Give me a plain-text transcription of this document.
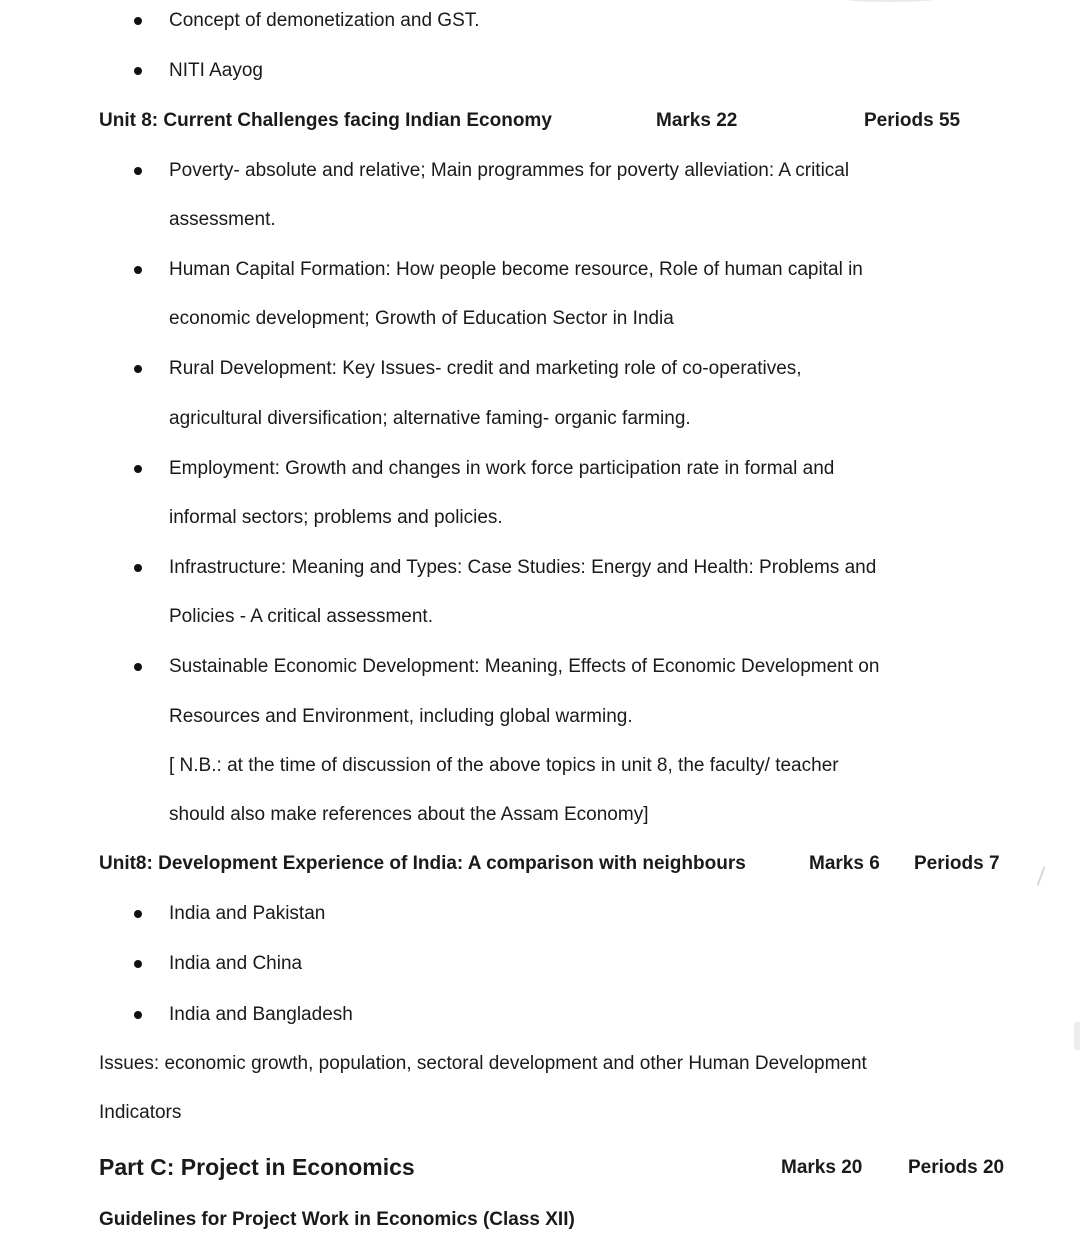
Concept of demonetization and GST.
NITI Aayog
Unit 8: Current Challenges facing Indian Economy	Marks 22	Periods 55
Poverty- absolute and relative; Main programmes for poverty alleviation: A critical
assessment.
Human Capital Formation: How people become resource, Role of human capital in
economic development; Growth of Education Sector in India
Rural Development: Key Issues- credit and marketing role of co-operatives,
agricultural diversification; alternative faming- organic farming.
Employment: Growth and changes in work force participation rate in formal and
informal sectors; problems and policies.
Infrastructure: Meaning and Types: Case Studies: Energy and Health: Problems and
Policies - A critical assessment.
Sustainable Economic Development: Meaning, Effects of Economic Development on
Resources and Environment, including global warming.
[ N.B.: at the time of discussion of the above topics in unit 8, the faculty/ teacher
should also make references about the Assam Economy]
Unit8: Development Experience of India: A comparison with neighbours	Marks 6 Periods 7
India and Pakistan
India and China
India and Bangladesh
Issues: economic growth, population, sectoral development and other Human Development
Indicators
Part C: Project in Economics	Marks 20 Periods 20
Guidelines for Project Work in Economics (Class XII)
